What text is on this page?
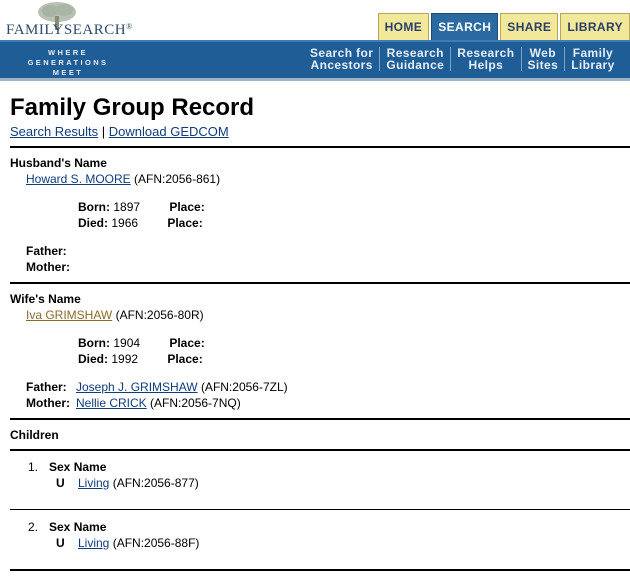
FAMILYSEARCH®	HOME	SEARCH	SHARE	LIBRARY
WHERE
GENERATIONS
MEET
Search for
Ancestors
Research
Guidance
Research
Helps
Web
Sites
Family
Library
Family Group Record
Search Results | Download GEDCOM
Husband's Name
Howard S. MOORE (AFN:2056-861)
Born: 1897 Place:
Died: 1966 Place:
Father:
Mother:
Wife's Name
Iva GRIMSHAW (AFN:2056-80R)
Born: 1904 Place:
Died: 1992 Place:
Father: Joseph J. GRIMSHAW (AFN:2056-7ZL)
Mother: Nellie CRICK (AFN:2056-7NQ)
Children
1. Sex Name
U Living (AFN:2056-877)
2. Sex Name
U Living (AFN:2056-88F)
